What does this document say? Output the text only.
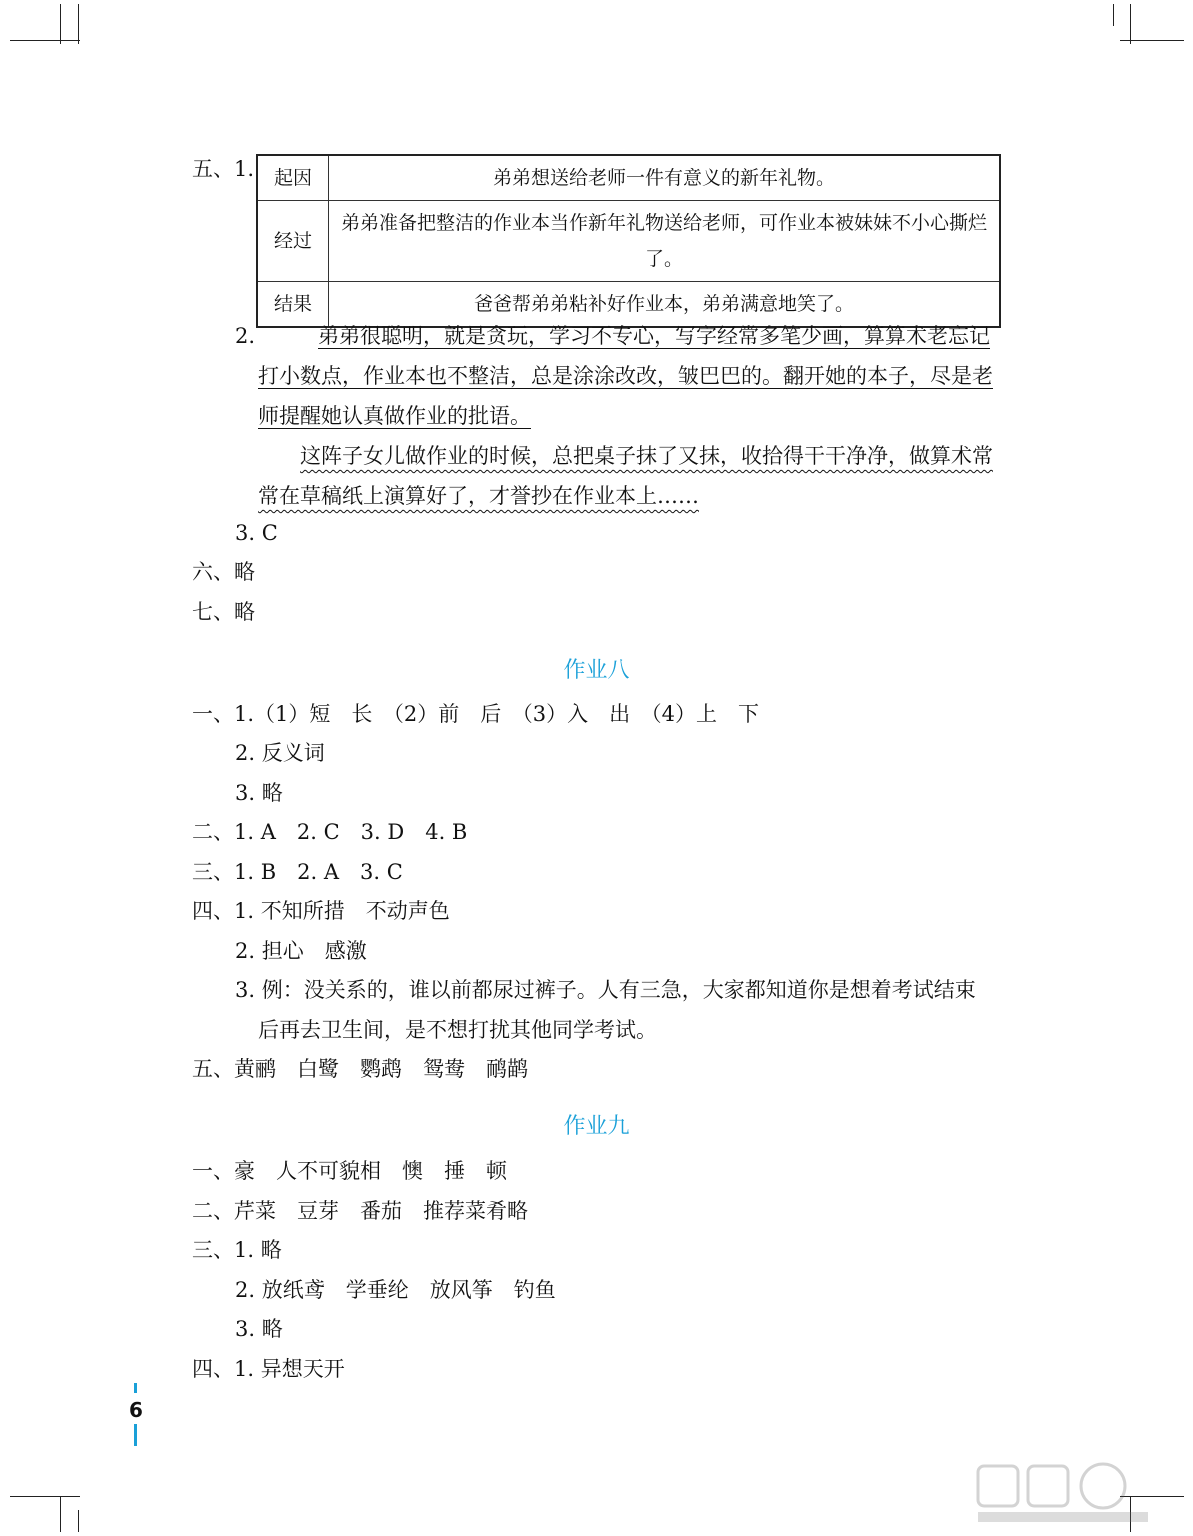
五、1. 起因	弟弟想送给老师一件有意义的新年礼物。
经过	弟弟准备把整洁的作业本当作新年礼物送给老师，可作业本被妹妹不小心撕烂了。
结果	爸爸帮弟弟粘补好作业本，弟弟满意地笑了。
2.	弟弟很聪明，就是贪玩，学习不专心，写字经常多笔少画，算算术老忘记打小数点，作业本也不整洁，总是涂涂改改，皱巴巴的。翻开她的本子，尽是老师提醒她认真做作业的批语。
这阵子女儿做作业的时候，总把桌子抹了又抹，收拾得干干净净，做算术常常在草稿纸上演算好了，才誉抄在作业本上……
3. C
六、略
七、略
作业八
一、1.（1）短　长　（2）前　后　（3）入　出　（4）上　下
2. 反义词
3. 略
二、1. A　2. C　3. D　4. B
三、1. B　2. A　3. C
四、1. 不知所措　不动声色
2. 担心　感激
3. 例：没关系的，谁以前都尿过裤子。人有三急，大家都知道你是想着考试结束
后再去卫生间，是不想打扰其他同学考试。
五、黄鹂　白鹭　鹦鹉　鸳鸯　鸸鹋
作业九
一、豪　人不可貌相　懊　捶　顿
二、芹菜　豆芽　番茄　推荐菜肴略
三、1. 略
2. 放纸鸢　学垂纶　放风筝　钓鱼
3. 略
四、1. 异想天开
6
